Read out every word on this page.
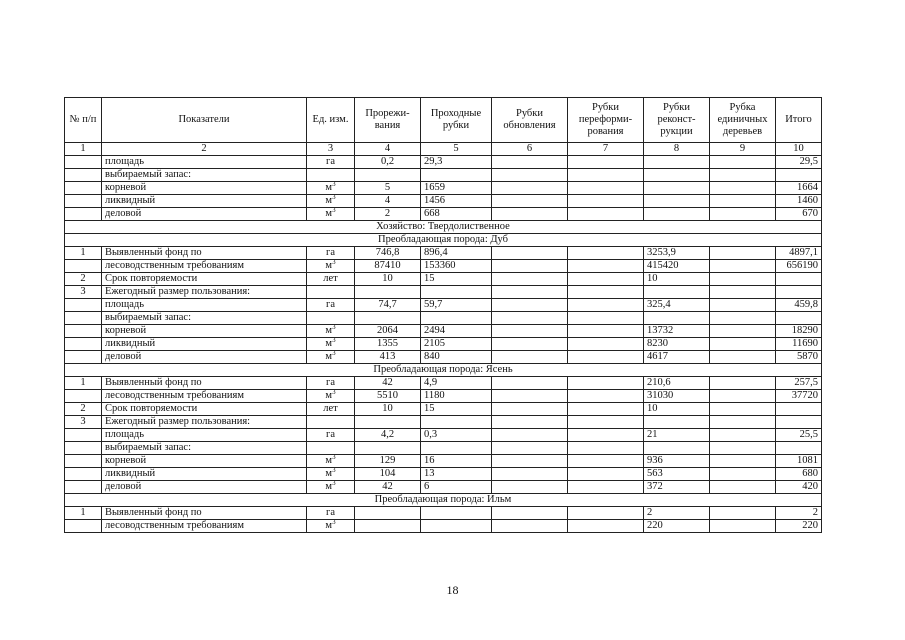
№ п/п	Показатели	Ед. изм.	Прорежи-вания	Проходные рубки	Рубки обновления	Рубки переформи-рования	Рубки реконст-рукции	Рубка единичных деревьев	Итого
1	2	3	4	5	6	7	8	9	10
	площадь	га	0,2	29,3					29,5
	выбираемый запас:								
	корневой	$м^3$	5	1659					1664
	ликвидный	$м^3$	4	1456					1460
	деловой	$м^3$	2	668					670
Хозяйство: Твердолиственное									
Преобладающая порода: Дуб									
1	Выявленный фонд по	га	746,8	896,4			3253,9		4897,1
	лесоводственным требованиям	$м^3$	87410	153360			415420		656190
2	Срок повторяемости	лет	10	15			10		
3	Ежегодный размер пользования:								
	площадь	га	74,7	59,7			325,4		459,8
	выбираемый запас:								
	корневой	$м^3$	2064	2494			13732		18290
	ликвидный	$м^3$	1355	2105			8230		11690
	деловой	$м^3$	413	840			4617		5870
Преобладающая порода: Ясень									
1	Выявленный фонд по	га	42	4,9			210,6		257,5
	лесоводственным требованиям	$м^3$	5510	1180			31030		37720
2	Срок повторяемости	лет	10	15			10		
3	Ежегодный размер пользования:								
	площадь	га	4,2	0,3			21		25,5
	выбираемый запас:								
	корневой	$м^3$	129	16			936		1081
	ликвидный	$м^3$	104	13			563		680
	деловой	$м^3$	42	6			372		420
Преобладающая порода: Ильм									
1	Выявленный фонд по	га					2		2
	лесоводственным требованиям	$м^3$					220		220
18
